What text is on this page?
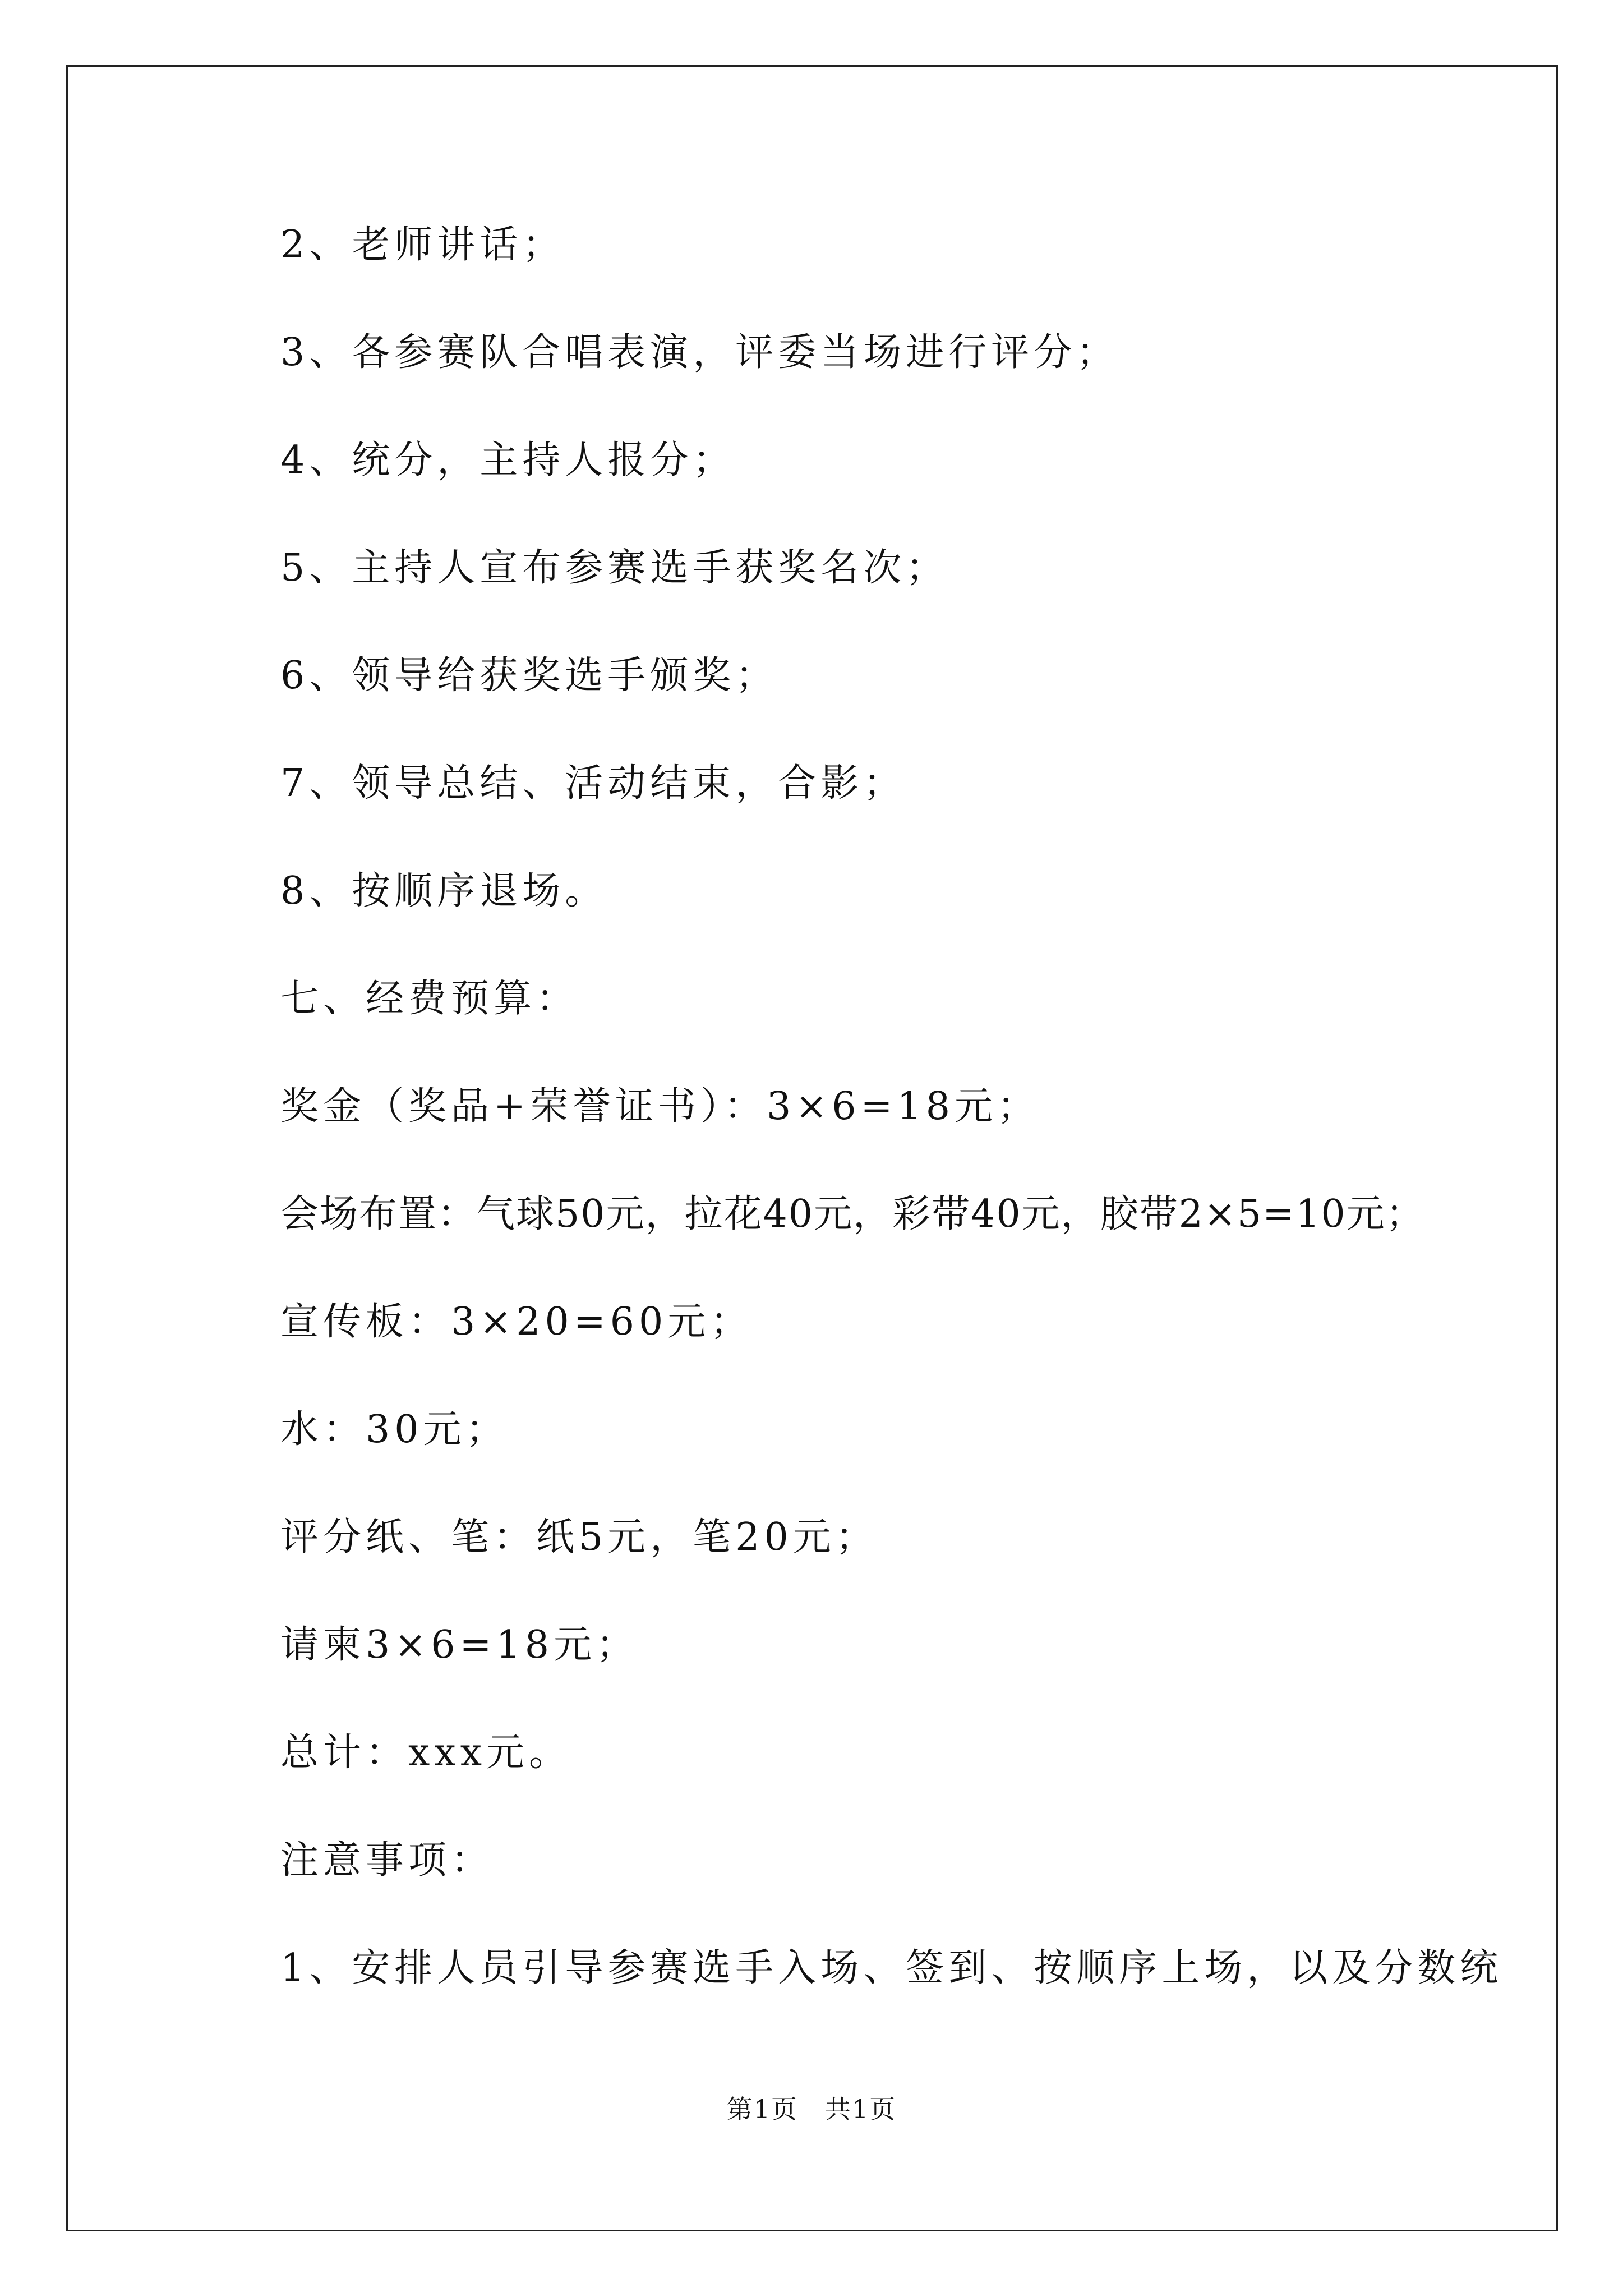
2、老师讲话；
3、各参赛队合唱表演，评委当场进行评分；
4、统分，主持人报分；
5、主持人宣布参赛选手获奖名次；
6、领导给获奖选手颁奖；
7、领导总结、活动结束，合影；
8、按顺序退场。
七、经费预算：
奖金（奖品+荣誉证书）：3×6=18元；
会场布置：气球50元，拉花40元，彩带40元，胶带2×5=10元；
宣传板：3×20=60元；
水：30元；
评分纸、笔：纸5元，笔20元；
请柬3×6=18元；
总计：xxx元。
注意事项：
1、安排人员引导参赛选手入场、签到、按顺序上场，以及分数统
第1页　共1页
